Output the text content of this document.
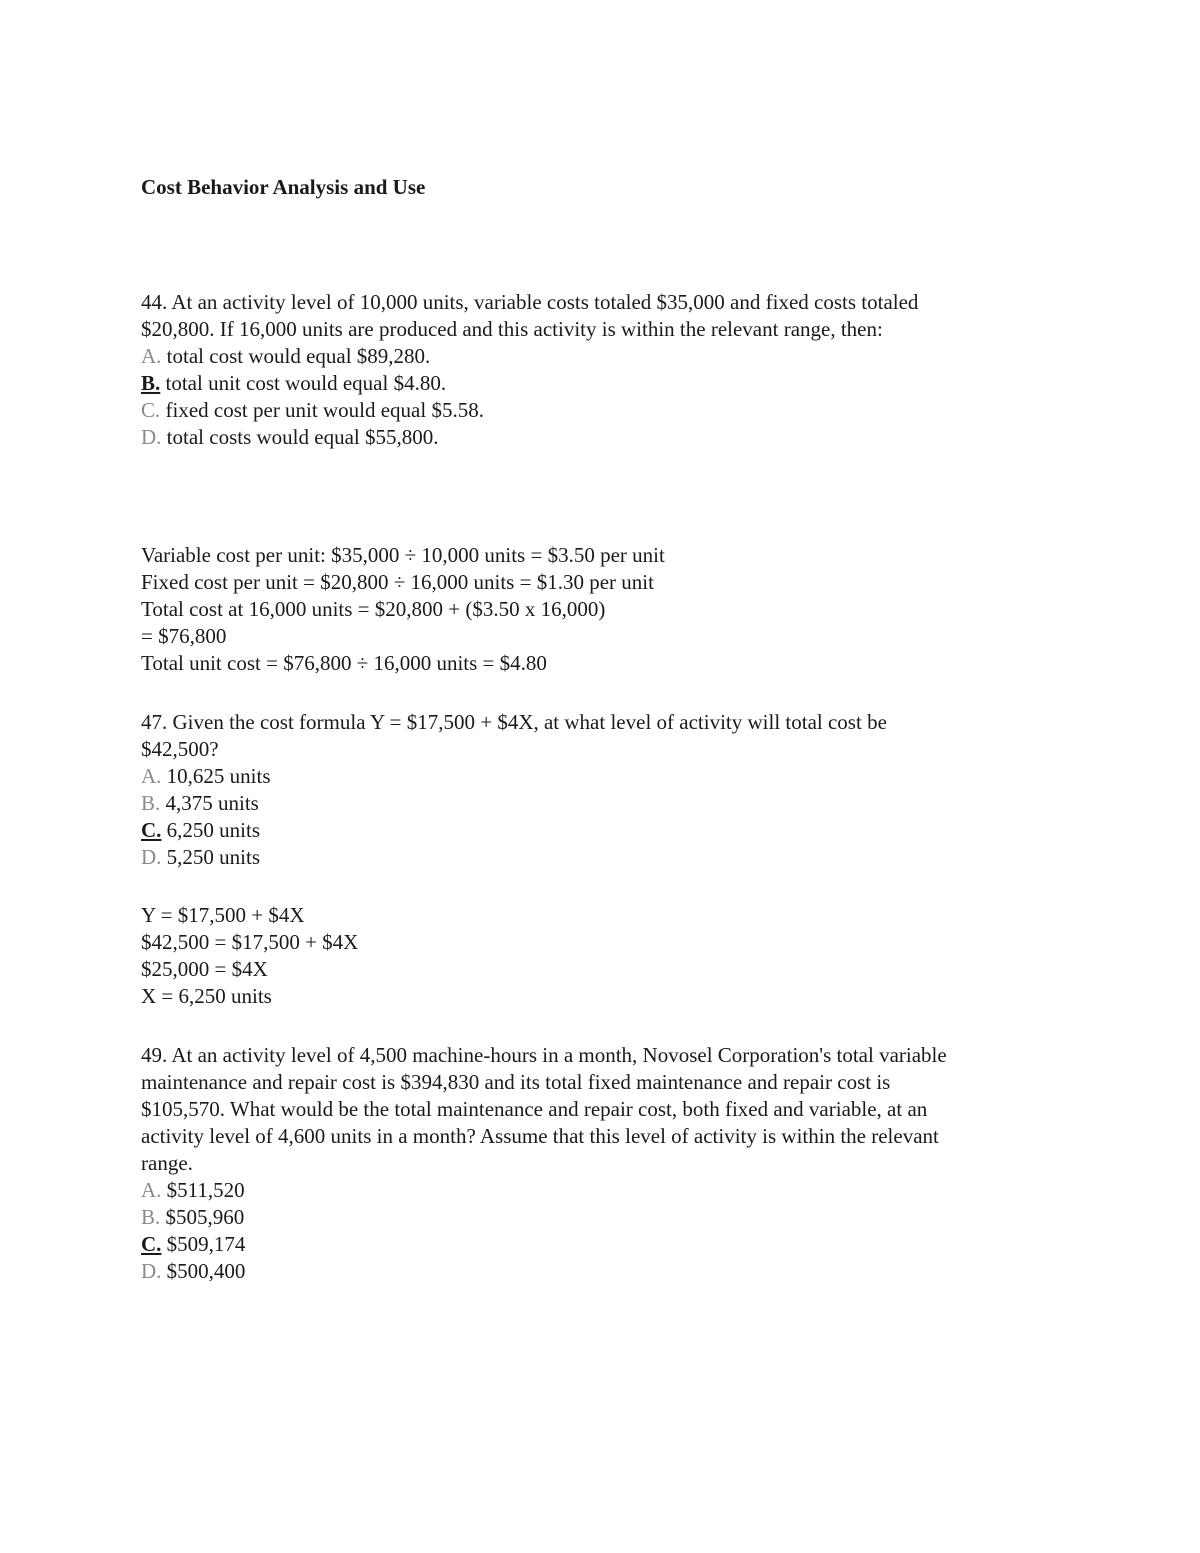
Cost Behavior Analysis and Use
44. At an activity level of 10,000 units, variable costs totaled $35,000 and fixed costs totaled
$20,800. If 16,000 units are produced and this activity is within the relevant range, then:
A. total cost would equal $89,280.
B. total unit cost would equal $4.80.
C. fixed cost per unit would equal $5.58.
D. total costs would equal $55,800.
Variable cost per unit: $35,000 ÷ 10,000 units = $3.50 per unit
Fixed cost per unit = $20,800 ÷ 16,000 units = $1.30 per unit
Total cost at 16,000 units = $20,800 + ($3.50 x 16,000)
= $76,800
Total unit cost = $76,800 ÷ 16,000 units = $4.80
47. Given the cost formula Y = $17,500 + $4X, at what level of activity will total cost be
$42,500?
A. 10,625 units
B. 4,375 units
C. 6,250 units
D. 5,250 units
Y = $17,500 + $4X
$42,500 = $17,500 + $4X
$25,000 = $4X
X = 6,250 units
49. At an activity level of 4,500 machine-hours in a month, Novosel Corporation's total variable
maintenance and repair cost is $394,830 and its total fixed maintenance and repair cost is
$105,570. What would be the total maintenance and repair cost, both fixed and variable, at an
activity level of 4,600 units in a month? Assume that this level of activity is within the relevant
range.
A. $511,520
B. $505,960
C. $509,174
D. $500,400
